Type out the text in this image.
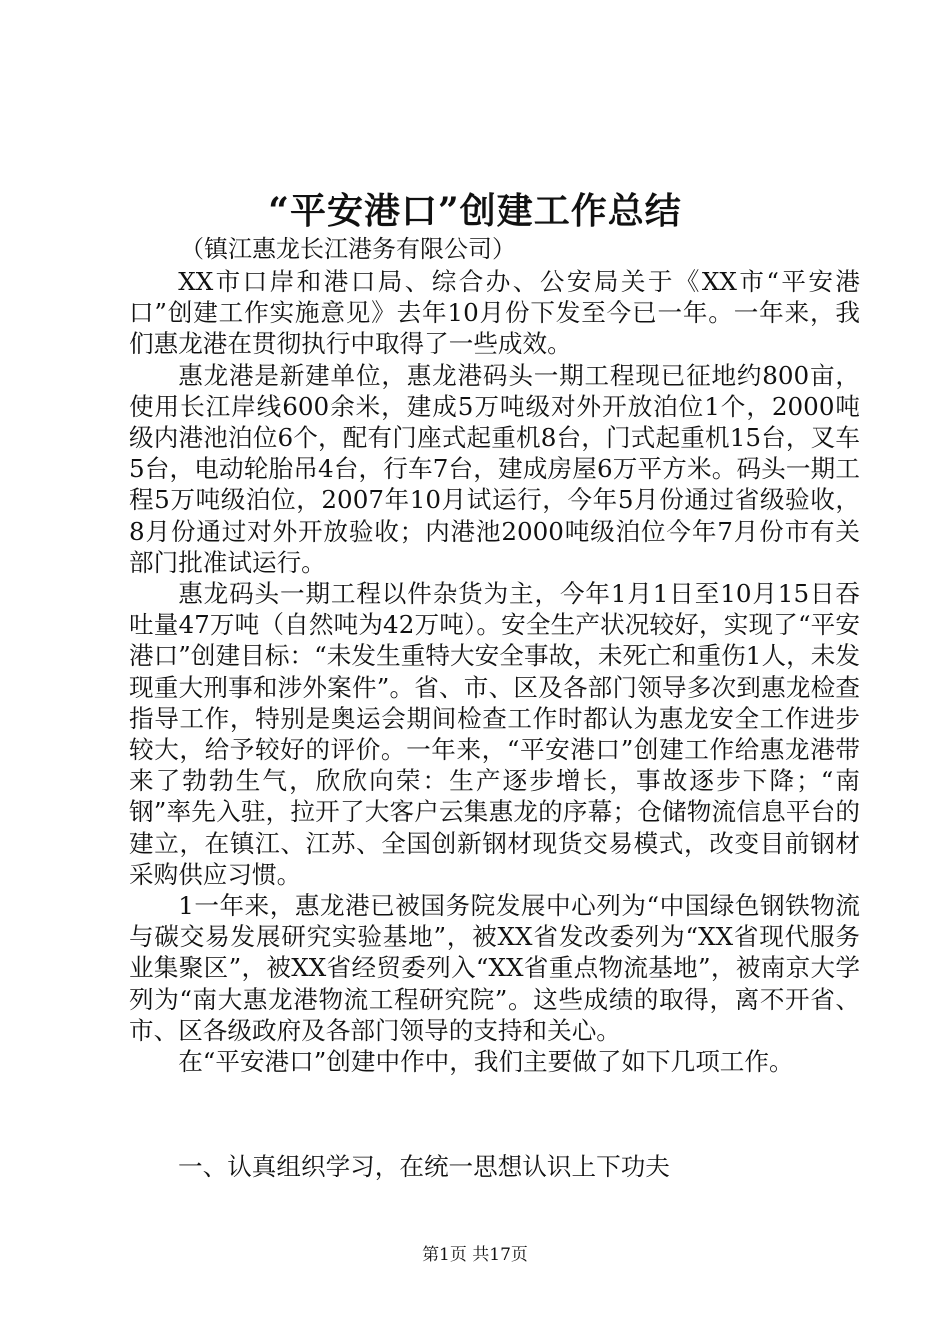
“平安港口”创建工作总结
（镇江惠龙长江港务有限公司）

XX市口岸和港口局、综合办、公安局关于《XX市“平安港口”创建工作实施意见》去年10月份下发至今已一年。一年来，我们惠龙港在贯彻执行中取得了一些成效。

惠龙港是新建单位，惠龙港码头一期工程现已征地约800亩，使用长江岸线600余米，建成5万吨级对外开放泊位1个，2000吨级内港池泊位6个，配有门座式起重机8台，门式起重机15台，叉车5台，电动轮胎吊4台，行车7台，建成房屋6万平方米。码头一期工程5万吨级泊位，2007年10月试运行，今年5月份通过省级验收，8月份通过对外开放验收；内港池2000吨级泊位今年7月份市有关部门批准试运行。

惠龙码头一期工程以件杂货为主，今年1月1日至10月15日吞吐量47万吨（自然吨为42万吨）。安全生产状况较好，实现了“平安港口”创建目标：“未发生重特大安全事故，未死亡和重伤1人，未发现重大刑事和涉外案件”。省、市、区及各部门领导多次到惠龙检查指导工作，特别是奥运会期间检查工作时都认为惠龙安全工作进步较大，给予较好的评价。一年来，“平安港口”创建工作给惠龙港带来了勃勃生气，欣欣向荣：生产逐步增长，事故逐步下降；“南钢”率先入驻，拉开了大客户云集惠龙的序幕；仓储物流信息平台的建立，在镇江、江苏、全国创新钢材现货交易模式，改变目前钢材采购供应习惯。

1一年来，惠龙港已被国务院发展中心列为“中国绿色钢铁物流与碳交易发展研究实验基地”，被XX省发改委列为“XX省现代服务业集聚区”，被XX省经贸委列入“XX省重点物流基地”，被南京大学列为“南大惠龙港物流工程研究院”。这些成绩的取得，离不开省、市、区各级政府及各部门领导的支持和关心。

在“平安港口”创建中作中，我们主要做了如下几项工作。

一、认真组织学习，在统一思想认识上下功夫
第1页 共17页
